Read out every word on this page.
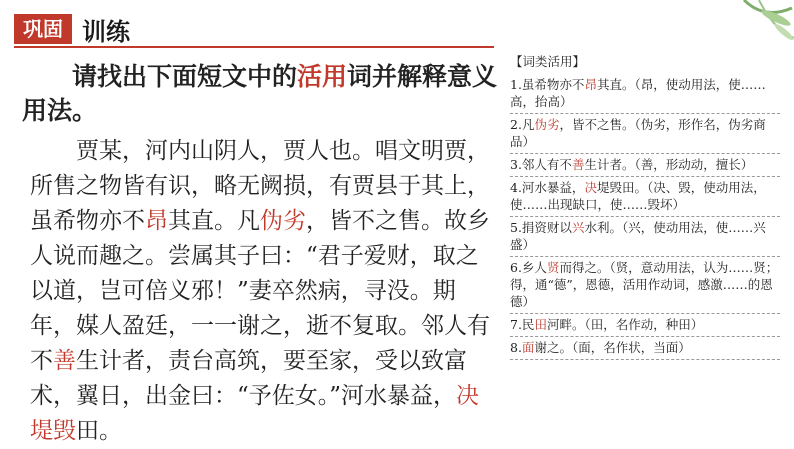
巩固 训练
请找出下面短文中的活用词并解释意义用法。
贾某，河内山阴人，贾人也。唱文明贾，所售之物皆有识，略无阙损，有贾县于其上，虽希物亦不昂其直。凡伪劣，皆不之售。故乡人说而趣之。尝属其子曰：“君子爱财，取之以道，岂可倍义邪！”妻卒然病，寻没。期年，媒人盈廷，一一谢之，逝不复取。邻人有不善生计者，责台高筑，要至家，受以致富术，翼日，出金曰：“予佐女。”河水暴益，决堤毁田。
【词类活用】
1.虽希物亦不昂其直。（昂，使动用法，使……高，抬高）
2.凡伪劣，皆不之售。（伪劣，形作名，伪劣商品）
3.邻人有不善生计者。（善，形动动，擅长）
4.河水暴益，决堤毁田。（决、毁，使动用法，使……出现缺口，使……毁坏）
5.捐资财以兴水利。（兴，使动用法，使……兴盛）
6.乡人贤而得之。（贤，意动用法，认为……贤；得，通“德”，恩德，活用作动词，感激……的恩德）
7.民田河畔。（田，名作动，种田）
8.面谢之。（面，名作状，当面）
